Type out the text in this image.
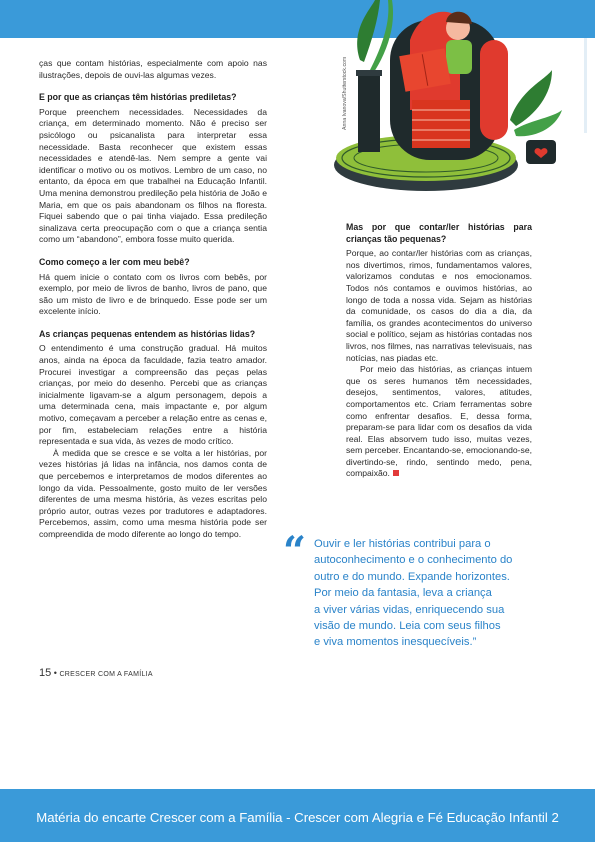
Anna Ivanova/Shutterstock.com

ças que contam histórias, especialmente com apoio nas ilustrações, depois de ouvi-las algumas vezes.

E por que as crianças têm histórias prediletas?

Porque preenchem necessidades. Necessidades da criança, em determinado momento. Não é preciso ser psicólogo ou psicanalista para interpretar essa necessidade. Basta reconhecer que existem essas necessidades e atendê-las. Nem sempre a gente vai identificar o motivo ou os motivos. Lembro de um caso, no entanto, da época em que trabalhei na Educação Infantil. Uma menina demonstrou predileção pela história de João e Maria, em que os pais abandonam os filhos na floresta. Fiquei sabendo que o pai tinha viajado. Essa predileção sinalizava certa preocupação com o que a criança sentia como um “abandono”, embora fosse muito querida.

Como começo a ler com meu bebê?

Há quem inicie o contato com os livros com bebês, por exemplo, por meio de livros de banho, livros de pano, que são um misto de livro e de brinquedo. Esse pode ser um excelente início.

As crianças pequenas entendem as histórias lidas?

O entendimento é uma construção gradual. Há muitos anos, ainda na época da faculdade, fazia teatro amador. Procurei investigar a compreensão das peças pelas crianças, por meio do desenho. Percebi que as crianças inicialmente ligavam-se a algum personagem, depois a uma determinada cena, mais impactante e, por algum motivo, começavam a perceber a relação entre as cenas e, por fim, estabeleciam relações entre a história representada e sua vida, às vezes de modo crítico.

À medida que se cresce e se volta a ler histórias, por vezes histórias já lidas na infância, nos damos conta de que percebemos e interpretamos de modos diferentes ao longo da vida. Pessoalmente, gosto muito de ler versões diferentes de uma mesma história, às vezes escritas pelo próprio autor, outras vezes por tradutores e adaptadores. Percebemos, assim, como uma mesma história pode ser compreendida de modo diferente ao longo do tempo.

Mas por que contar/ler histórias para crianças tão pequenas?

Porque, ao contar/ler histórias com as crianças, nos divertimos, rimos, fundamentamos valores, valorizamos condutas e nos emocionamos. Todos nós contamos e ouvimos histórias, ao longo de toda a nossa vida. Sejam as histórias da comunidade, os casos do dia a dia, da família, os grandes acontecimentos do universo social e político, sejam as histórias contadas nos livros, nos filmes, nas narrativas televisuais, nas notícias, nas piadas etc.

Por meio das histórias, as crianças intuem que os seres humanos têm necessidades, desejos, sentimentos, valores, atitudes, comportamentos etc. Criam ferramentas sobre como enfrentar desafios. E, dessa forma, preparam-se para lidar com os desafios da vida real. Elas absorvem tudo isso, muitas vezes, sem perceber. Encantando-se, emocionando-se, divertindo-se, rindo, sentindo medo, pena, compaixão.

“ Ouvir e ler histórias contribui para o
autoconhecimento e o conhecimento do
outro e do mundo. Expande horizontes.
Por meio da fantasia, leva a criança
a viver várias vidas, enriquecendo sua
visão de mundo. Leia com seus filhos
e viva momentos inesquecíveis.”
15 • CRESCER COM A FAMÍLIA
Matéria do encarte Crescer com a Família - Crescer com Alegria e Fé Educação Infantil 2
